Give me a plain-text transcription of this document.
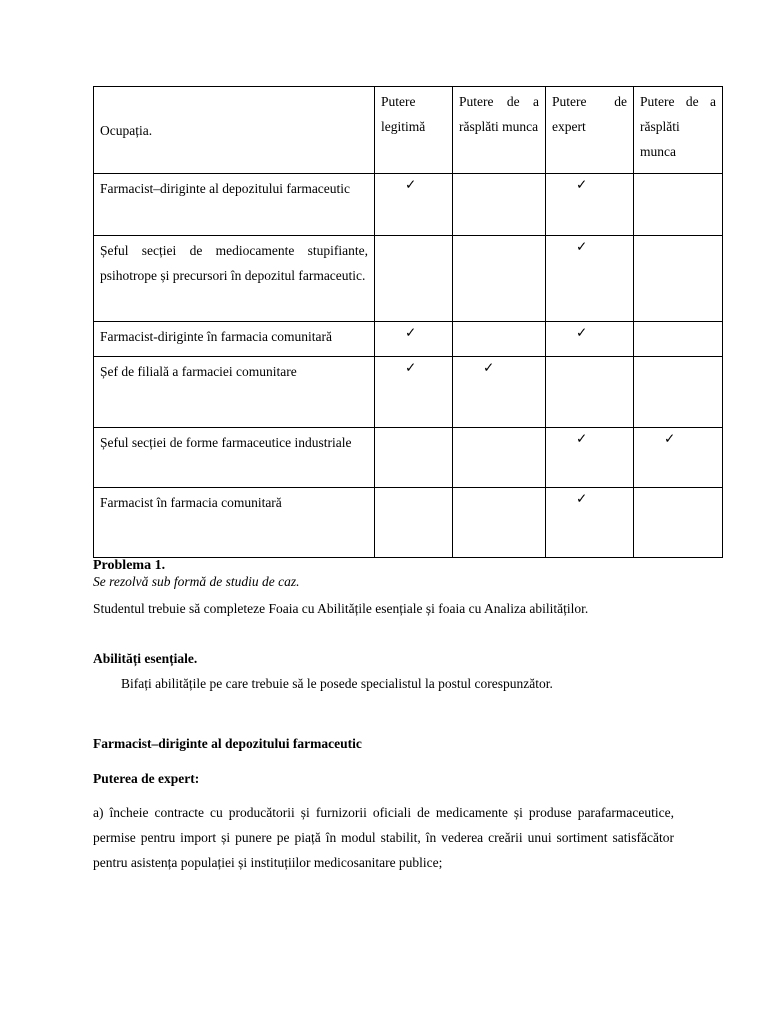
Ocupația.	Putere legitimă	Putere de a răsplăti munca	Putere de expert	Putere de a răsplăti munca
Farmacist–diriginte al depozitului farmaceutic	✓		✓	
Șeful secției de mediocamente stupifiante, psihotrope și precursori în depozitul farmaceutic.			✓	
Farmacist-diriginte în farmacia comunitară	✓		✓	
Șef de filială a farmaciei comunitare	✓	✓		
Șeful secției de forme farmaceutice industriale			✓	✓
Farmacist în farmacia comunitară			✓	
Problema 1.
Se rezolvă sub formă de studiu de caz.
Studentul trebuie să completeze Foaia cu Abilitățile esențiale și foaia cu Analiza abilităților.
Abilități esențiale.
Bifați abilitățile pe care trebuie să le posede specialistul la postul corespunzător.
Farmacist–diriginte al depozitului farmaceutic
Puterea de expert:
a) încheie contracte cu producătorii și furnizorii oficiali de medicamente și produse parafarmaceutice, permise pentru import și punere pe piață în modul stabilit, în vederea creării unui sortiment satisfăcător pentru asistența populației și instituțiilor medicosanitare publice;
